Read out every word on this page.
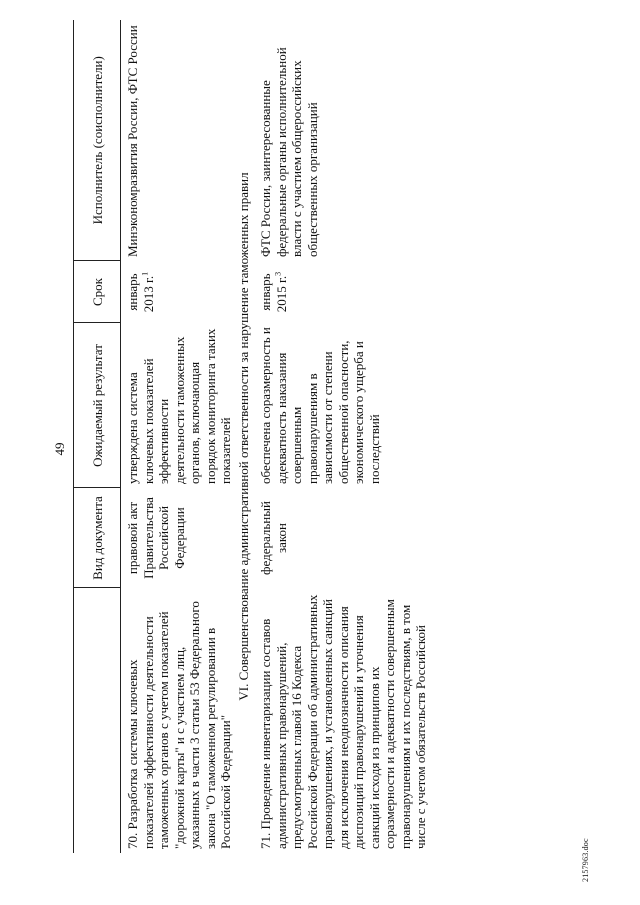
49
2157963.doc
	Вид документа	Ожидаемый результат	Срок	Исполнитель (соисполнители)
70. Разработка системы ключевых показателей эффективности деятельности таможенных органов с учетом показателей "дорожной карты" и с участием лиц, указанных в части 3 статьи 53 Федерального закона "О таможенном регулировании в Российской Федерации"	правовой акт Правительства Российской Федерации	утверждена система ключевых показателей эффективности деятельности таможенных органов, включающая порядок мониторинга таких показателей	январь 2013 г.$^1$	Минэкономразвития России, ФТС России
VI. Совершенствование административной ответственности за нарушение таможенных правил				
71. Проведение инвентаризации составов административных правонарушений, предусмотренных главой 16 Кодекса Российской Федерации об административных правонарушениях, и установленных санкций для исключения неоднозначности описания диспозиций правонарушений и уточнения санкций исходя из принципов их соразмерности и адекватности совершенным правонарушениям и их последствиям, в том числе с учетом обязательств Российской	федеральный закон	обеспечена соразмерность и адекватность наказания совершенным правонарушениям в зависимости от степени общественной опасности, экономического ущерба и последствий	январь 2015 г.$^3$	ФТС России, заинтересованные федеральные органы исполнительной власти с участием общероссийских общественных организаций
